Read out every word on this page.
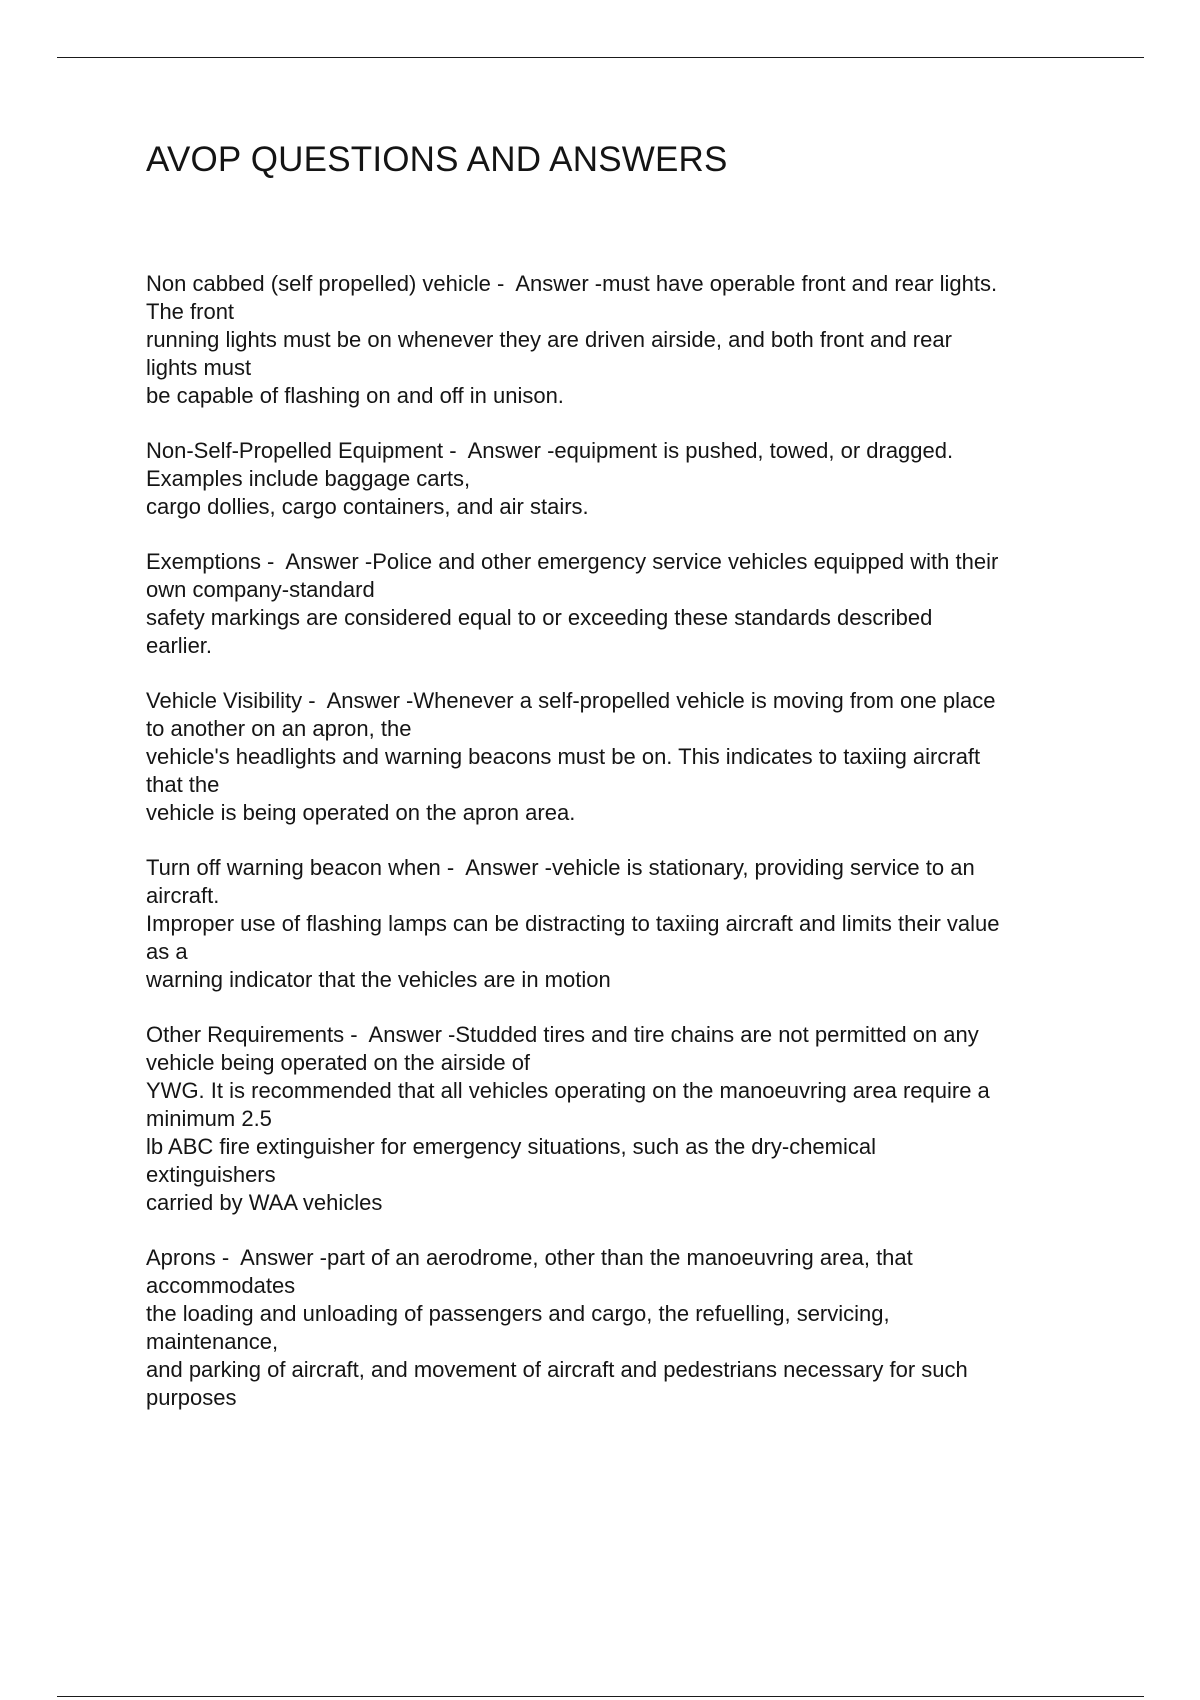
AVOP QUESTIONS AND ANSWERS
Non cabbed (self propelled) vehicle -  Answer -must have operable front and rear lights.
The front
running lights must be on whenever they are driven airside, and both front and rear
lights must
be capable of flashing on and off in unison.
Non-Self-Propelled Equipment -  Answer -equipment is pushed, towed, or dragged.
Examples include baggage carts,
cargo dollies, cargo containers, and air stairs.
Exemptions -  Answer -Police and other emergency service vehicles equipped with their
own company-standard
safety markings are considered equal to or exceeding these standards described
earlier.
Vehicle Visibility -  Answer -Whenever a self-propelled vehicle is moving from one place
to another on an apron, the
vehicle's headlights and warning beacons must be on. This indicates to taxiing aircraft
that the
vehicle is being operated on the apron area.
Turn off warning beacon when -  Answer -vehicle is stationary, providing service to an
aircraft.
Improper use of flashing lamps can be distracting to taxiing aircraft and limits their value
as a
warning indicator that the vehicles are in motion
Other Requirements -  Answer -Studded tires and tire chains are not permitted on any
vehicle being operated on the airside of
YWG. It is recommended that all vehicles operating on the manoeuvring area require a
minimum 2.5
lb ABC fire extinguisher for emergency situations, such as the dry-chemical
extinguishers
carried by WAA vehicles
Aprons -  Answer -part of an aerodrome, other than the manoeuvring area, that
accommodates
the loading and unloading of passengers and cargo, the refuelling, servicing,
maintenance,
and parking of aircraft, and movement of aircraft and pedestrians necessary for such
purposes
